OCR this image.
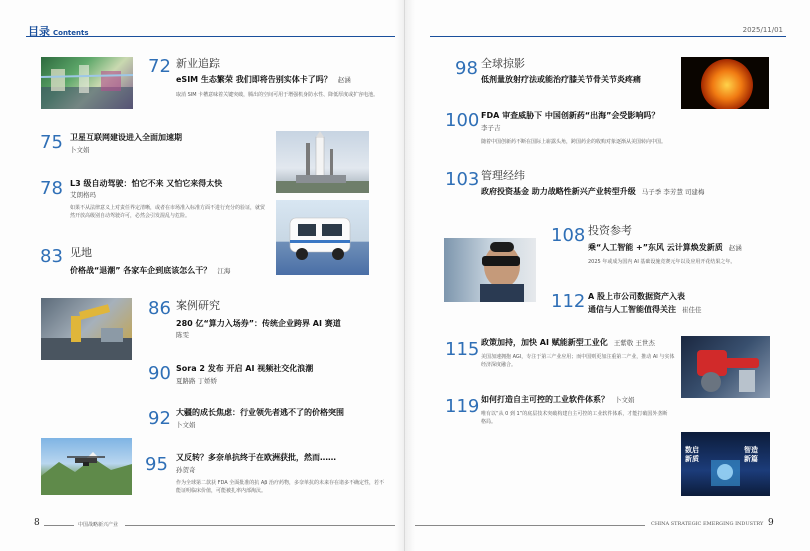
目录 Contents	2025/11/01
72 新业追踪
eSIM 生态繁荣 我们即将告别实体卡了吗？ 赵涵
取消 SIM 卡槽意味着关键突破，腾出的空间可用于增强机身防水性、降低厚度或扩容电池。
75 卫星互联网建设进入全面加速期
卜文娟
78 L3 级自动驾驶：怕它不来 又怕它来得太快
艾朗格玛
如果不从法律意义上对责任界定清晰，或者在市场准入标准方面不进行充分的验证，就贸然开放高级别自动驾驶许可，必然会引发混乱与危险。
83 见地
价格战“退潮” 各家车企到底该怎么干？ 江海
86 案例研究
280 亿“算力入场券”：传统企业跨界 AI 赛道
陈雯
90 Sora 2 发布 开启 AI 视频社交化浪潮
夏路路 丁娇娇
92 大疆的成长焦虑：行业领先者逃不了的价格突围
卜文娟
95 又反转？多奈单抗终于在欧洲获批，然而……
孙贺奇
作为全球第二款获 FDA 全面批准的抗 Aβ 治疗药物，多奈单抗的未来存在诸多不确定性，若不能证明临床价值，可能被扎率内部淘汰。
8	中国战略新兴产业
98 全球掠影
低剂量放射疗法或能治疗膝关节骨关节炎疼痛
100 FDA 审查威胁下 中国创新药“出海”会受影响吗？
李子吉
随着中国创新药不断在国际上崭露头角，跨国药企的收购对象逐渐从美国转向中国。
103 管理经纬
政府投资基金 助力战略性新兴产业转型升级 马子季 李芳慧 司建梅
108 投资参考
乘“人工智能 +”东风 云计算焕发新质 赵涵
2025 年或成为国内 AI 基础设施竞赛元年以及应用开花结果之年。
112 A 股上市公司数据资产入表
通信与人工智能值得关注 崔佳佳
115 政策加持，加快 AI 赋能新型工业化 王紫敬 王世杰
美国加速拥抱 AGI，专注于第三产业应用；而中国则更加注重第二产业，推动 AI 与实体经济深度融合。
119 如何打造自主可控的工业软件体系？ 卜文娟
唯有以“从 0 到 1”的底层技术突破构建自主可控的工业软件体系，才能打破国外垄断格局。
数启
新质
智造
新篇
CHINA STRATEGIC EMERGING INDUSTRY 9
